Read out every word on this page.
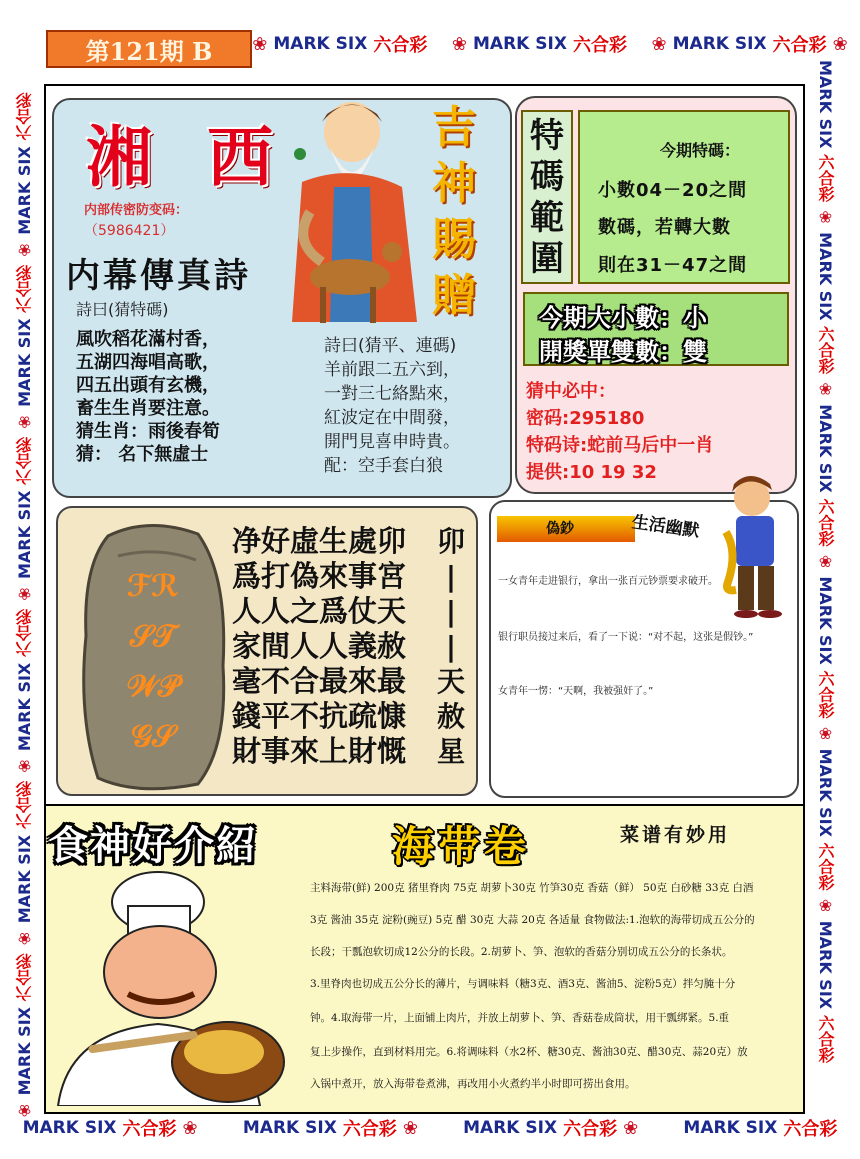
❀ MARK SIX 六合彩 ❀ MARK SIX 六合彩 ❀ MARK SIX 六合彩 ❀
MARK SIX 六合彩 ❀	MARK SIX 六合彩 ❀	MARK SIX 六合彩 ❀	MARK SIX 六合彩
❀ MARK SIX 六合彩 ❀ MARK SIX 六合彩 ❀ MARK SIX 六合彩 ❀ MARK SIX 六合彩 ❀ MARK SIX 六合彩 ❀ MARK SIX 六合彩	MARK SIX 六合彩 ❀ MARK SIX 六合彩 ❀ MARK SIX 六合彩 ❀ MARK SIX 六合彩 ❀ MARK SIX 六合彩 ❀ MARK SIX 六合彩
第121期 B
湘 西
内部传密防变码：
（5986421）
吉
神
賜
贈
内幕傳真詩
詩曰(猜特碼)
風吹稻花滿村香，
五湖四海唱高歌，
四五出頭有玄機，
畜生生肖要注意。
猜生肖：雨後春筍
猜： 名下無虛士
詩曰(猜平、連碼)
羊前跟二五六到，
一對三七絡點來，
紅波定在中間發，
開門見喜申時貴。
配：空手套白狼
特
碼
範
圍
今期特碼：
小數04－20之間
數碼，若轉大數
則在31－47之間
今期大小數：小
開獎單雙數：雙
猜中必中：
密码:295180
特码诗:蛇前马后中一肖
提供:10 19 32
ℱℛ
𝒮𝒯
𝒲𝒫
𝒢𝒮
净好虛生處卯
爲打偽來事宮
人人之爲仗天
家間人人義赦
毫不合最來最
錢平不抗疏慷
財事來上財慨
卯
|
|
|
天
赦
星
偽鈔	生活幽默
一女青年走进银行，拿出一张百元钞票要求破开。
银行职员接过来后，看了一下说：“对不起，这张是假钞。”
女青年一愣：“天啊，我被强奸了。”
食神好介紹	海带卷	菜谱有妙用
主料海带(鲜) 200克 猪里脊肉 75克 胡萝卜30克 竹笋30克 香菇（鲜） 50克 白砂糖 33克 白酒
3克 酱油 35克 淀粉(豌豆) 5克 醋 30克 大蒜 20克 各适量 食物做法:1.泡软的海带切成五公分的
长段；干瓢泡软切成12公分的长段。2.胡萝卜、笋、泡软的香菇分别切成五公分的长条状。
3.里脊肉也切成五公分长的薄片，与调味料（糖3克、酒3克、酱油5、淀粉5克）拌匀腌十分
钟。4.取海带一片，上面铺上肉片，并放上胡萝卜、笋、香菇卷成筒状，用干瓢绑紧。5.重
复上步操作，直到材料用完。6.将调味料（水2杯、糖30克、酱油30克、醋30克、蒜20克）放
入锅中煮开，放入海带卷煮沸，再改用小火煮约半小时即可捞出食用。
